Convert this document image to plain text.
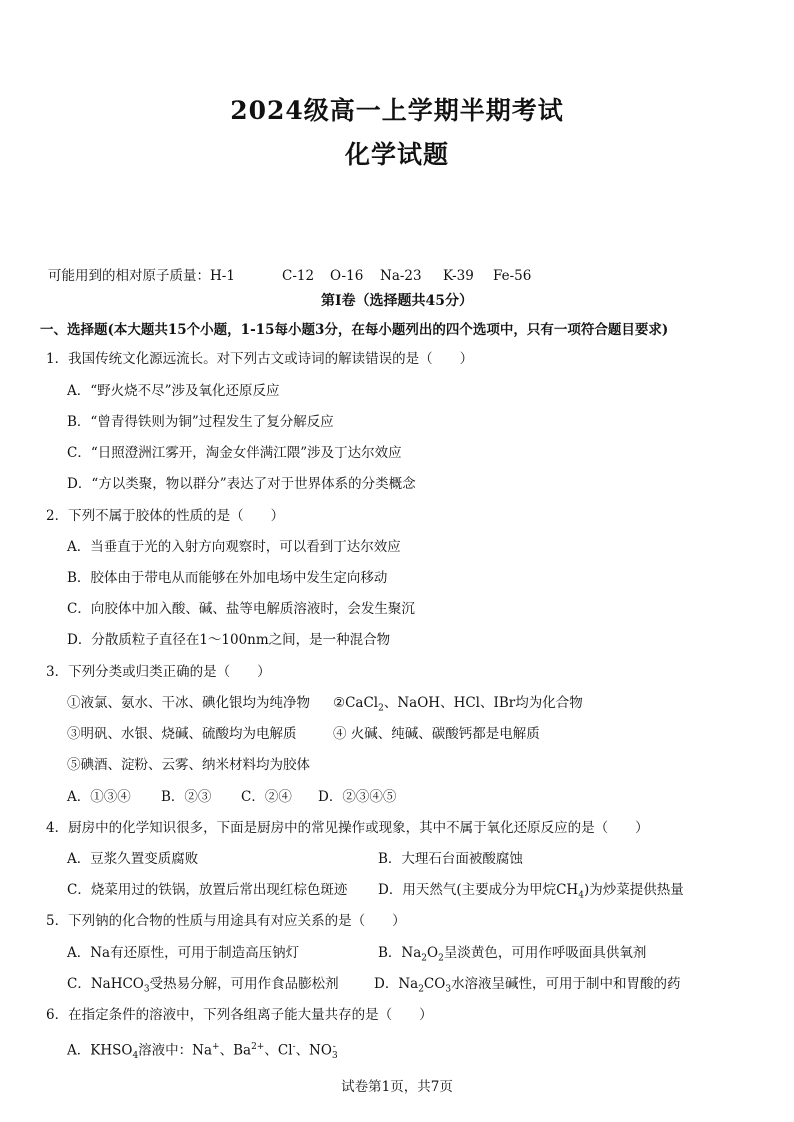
2024级高一上学期半期考试
化学试题
可能用到的相对原子质量：H-1	C-12 O-16 Na-23 K-39 Fe-56
第Ⅰ卷（选择题共45分）
一、选择题(本大题共15个小题，1-15每小题3分，在每小题列出的四个选项中，只有一项符合题目要求)
1．我国传统文化源远流长。对下列古文或诗词的解读错误的是（　　）
A．“野火烧不尽”涉及氧化还原反应
B．“曾青得铁则为铜”过程发生了复分解反应
C．“日照澄洲江雾开，淘金女伴满江隈”涉及丁达尔效应
D．“方以类聚，物以群分”表达了对于世界体系的分类概念
2．下列不属于胶体的性质的是（　　）
A．当垂直于光的入射方向观察时，可以看到丁达尔效应
B．胶体由于带电从而能够在外加电场中发生定向移动
C．向胶体中加入酸、碱、盐等电解质溶液时，会发生聚沉
D．分散质粒子直径在1～100nm之间，是一种混合物
3．下列分类或归类正确的是（　　）
①液氯、氨水、干冰、碘化银均为纯净物 ②CaCl$_2$、NaOH、HCl、IBr均为化合物
③明矾、水银、烧碱、硫酸均为电解质	④ 火碱、纯碱、碳酸钙都是电解质
⑤碘酒、淀粉、云雾、纳米材料均为胶体
A．①③④ B．②③ C．②④ D．②③④⑤
4．厨房中的化学知识很多，下面是厨房中的常见操作或现象，其中不属于氧化还原反应的是（　　）
A．豆浆久置变质腐败	B．大理石台面被酸腐蚀
C．烧菜用过的铁锅，放置后常出现红棕色斑迹 D．用天然气(主要成分为甲烷$CH_4$)为炒菜提供热量
5．下列钠的化合物的性质与用途具有对应关系的是（　　）
A．Na有还原性，可用于制造高压钠灯	B．$Na_2O_2$呈淡黄色，可用作呼吸面具供氧剂
C．NaHCO$_3$受热易分解，可用作食品膨松剂	D．$Na_2CO_3$水溶液呈碱性，可用于制中和胃酸的药
6．在指定条件的溶液中，下列各组离子能大量共存的是（　　）
A．$KHSO_4$溶液中：Na+、$Ba^{2+}$、Cl-、$NO_3^-$
试卷第1页，共7页
